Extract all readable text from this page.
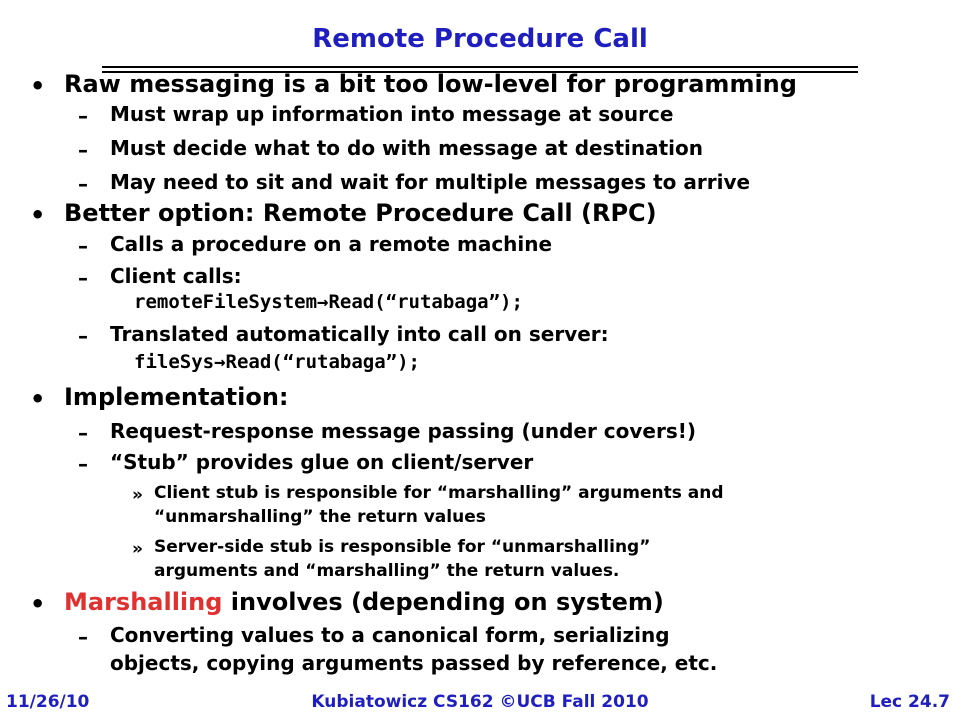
Remote Procedure Call
• Raw messaging is a bit too low-level for programming
– Must wrap up information into message at source
– Must decide what to do with message at destination
– May need to sit and wait for multiple messages to arrive
• Better option: Remote Procedure Call (RPC)
– Calls a procedure on a remote machine
– Client calls:
remoteFileSystem→Read(“rutabaga”);
– Translated automatically into call on server:
fileSys→Read(“rutabaga”);
• Implementation:
– Request-response message passing (under covers!)
– “Stub” provides glue on client/server
» Client stub is responsible for “marshalling” arguments and
“unmarshalling” the return values
» Server-side stub is responsible for “unmarshalling”
arguments and “marshalling” the return values.
• Marshalling involves (depending on system)
– Converting values to a canonical form, serializing
objects, copying arguments passed by reference, etc.
11/26/10	Kubiatowicz CS162 ©UCB Fall 2010	Lec 24.7
